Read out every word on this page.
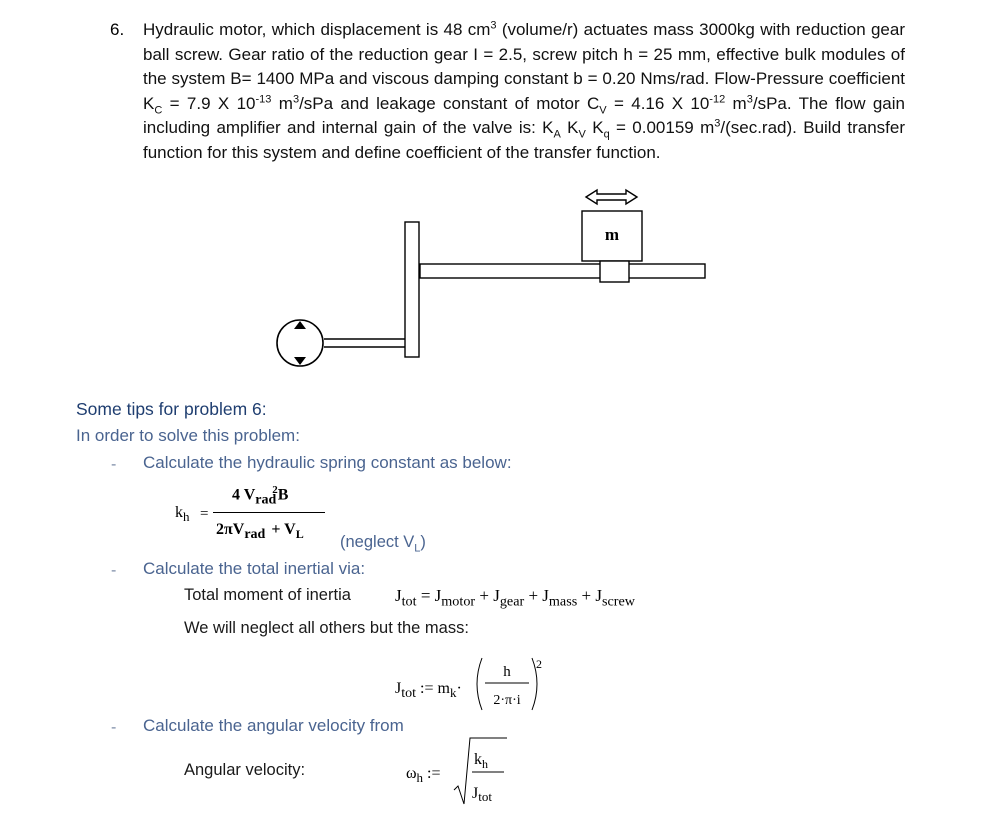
6. Hydraulic motor, which displacement is 48 $cm^3$ (volume/r) actuates mass 3000kg with reduction gear ball screw. Gear ratio of the reduction gear I = 2.5, screw pitch h = 25 mm, effective bulk modules of the system B= 1400 MPa and viscous damping constant b = 0.20 Nms/rad. Flow-Pressure coefficient $K_C = 7.9$ X $10^{-13}$ $m^3$/sPa and leakage constant of motor $C_V = 4.16$ X $10^{-12}$ $m^3$/sPa. The flow gain including amplifier and internal gain of the valve is: $K_A$ $K_V$ $K_q = 0.00159$ $m^3/(\sec.rad)$. Build transfer function for this system and define coefficient of the transfer function.
m
Some tips for problem 6:
In order to solve this problem:
- Calculate the hydraulic spring constant as below:
$k_h$ =
4 $V_{rad}^2B$
$2\pi V_{rad} + V_L$ (neglect $V_L$)
- Calculate the total inertial via:
Total moment of inertia	$J_{tot} = J_{motor} + J_{gear} + J_{mass} + J_{screw}$
We will neglect all others but the mass:
$J_{tot}$ := $m_k\cdot$
h
2·π·i
2
- Calculate the angular velocity from
Angular velocity:	$\omega_h$ :=
$k_h$
Jtot
